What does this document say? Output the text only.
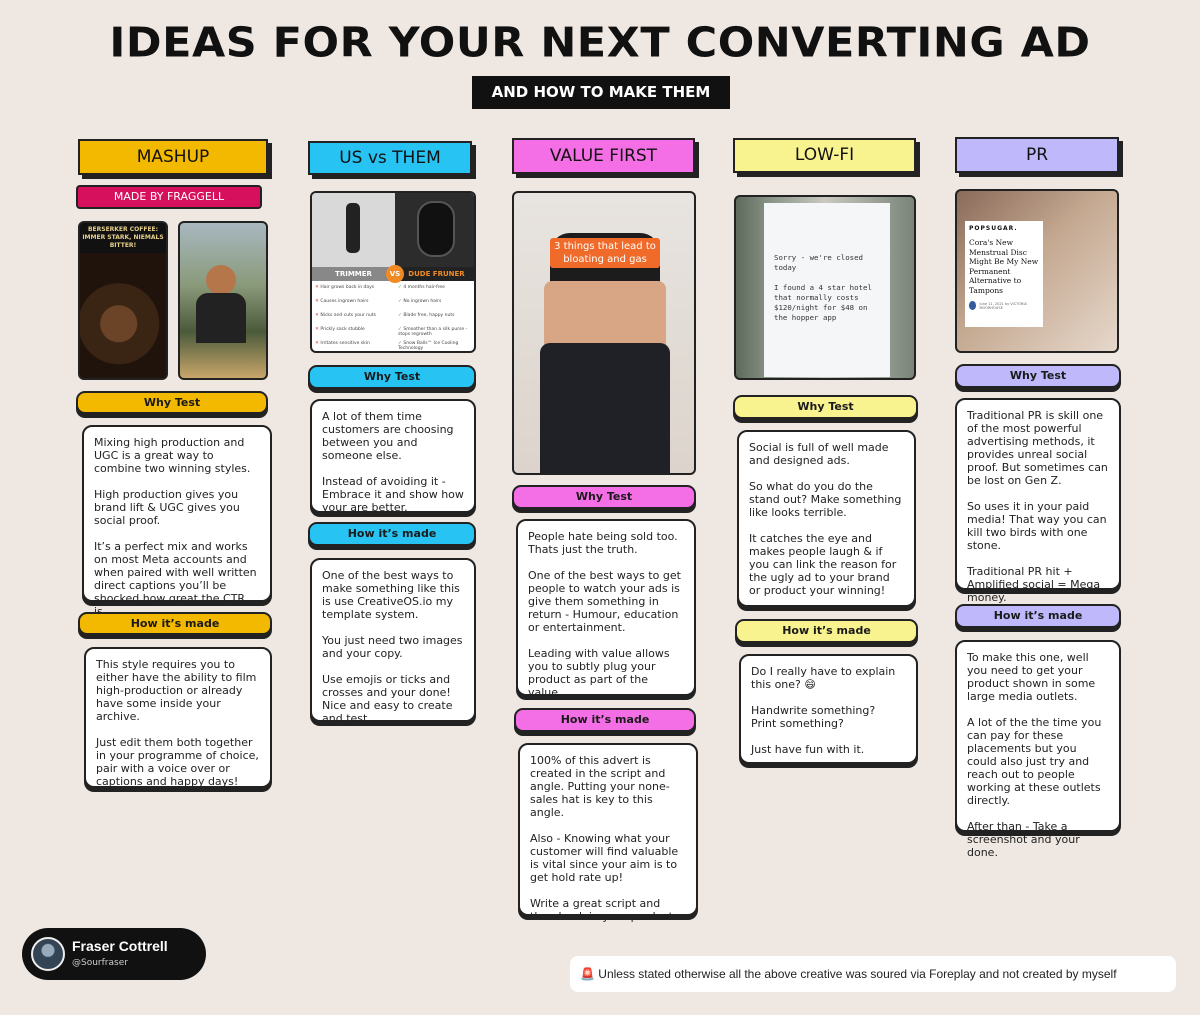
IDEAS FOR YOUR NEXT CONVERTING AD
AND HOW TO MAKE THEM
MASHUP
MADE BY FRAGGELL
BERSERKER COFFEE:
IMMER STARK, NIEMALS BITTER!
Why Test

Mixing high production and UGC is a great way to combine two winning styles.

High production gives you brand lift & UGC gives you social proof.

It’s a perfect mix and works on most Meta accounts and when paired with well written direct captions you’ll be shocked how great the CTR

How it’s made

This style requires you to either have the ability to film high-production or already have some inside your archive.

Just edit them both together in your programme of choice, pair with a voice over or captions and happy days!

US vs THEM
TRIMMER	DUDE FRUNER
VS
✕ Hair grows back in days
✕ Causes ingrown hairs
✕ Nicks and cuts your nuts
✕ Prickly sack stubble
✕ Irritates sensitive skin
✓ 4 months hair-free
✓ No ingrown hairs
✓ Blade free, happy nuts
✓ Smoother than a silk purse - stops regrowth
✓ Snow Balls™ Ice Cooling Technology
Why Test

A lot of them time customers are choosing between you and someone else.

Instead of avoiding it - Embrace it and show how your are better.

How it’s made

One of the best ways to make something like this is use CreativeOS.io my template system.

You just need two images and your copy.

Use emojis or ticks and crosses and your done! Nice and easy to create and test.

VALUE FIRST
3 things that lead to bloating and gas
Why Test

People hate being sold too. Thats just the truth.

One of the best ways to get people to watch your ads is give them something in return - Humour, education or entertainment.

Leading with value allows you to subtly plug your product as part of the value.

How it’s made

100% of this advert is created in the script and angle. Putting your none-sales hat is key to this angle.

Also - Knowing what your customer will find valuable is vital since your aim is to get hold rate up!

Write a great script and then hook in your product.

LOW-FI
Sorry - we're closed today

I found a 4 star hotel that normally costs $120/night for $48 on the hopper app
Why Test

Social is full of well made and designed ads.

So what do you do the stand out? Make something like looks terrible.

It catches the eye and makes people laugh & if you can link the reason for the ugly ad to your brand or product your winning!

How it’s made

Do I really have to explain this one? 😄

Handwrite something?
Print something?

Just have fun with it.

PR
POPSUGAR.
Cora's New Menstrual Disc Might Be My New Permanent Alternative to Tampons
June 11, 2021 by VICTORIA MOORHOUSE
Why Test

Traditional PR is skill one of the most powerful advertising methods, it provides unreal social proof. But sometimes can be lost on Gen Z.

So uses it in your paid media! That way you can kill two birds with one stone.

Traditional PR hit + Amplified social = Mega money.

How it’s made

To make this one, well you need to get your product shown in some large media outlets.

A lot of the the time you can pay for these placements but you could also just try and reach out to people working at these outlets directly.

After than - Take a screenshot and your done.

Fraser Cottrell
@Sourfraser
🚨 Unless stated otherwise all the above creative was soured via Foreplay and not created by myself
